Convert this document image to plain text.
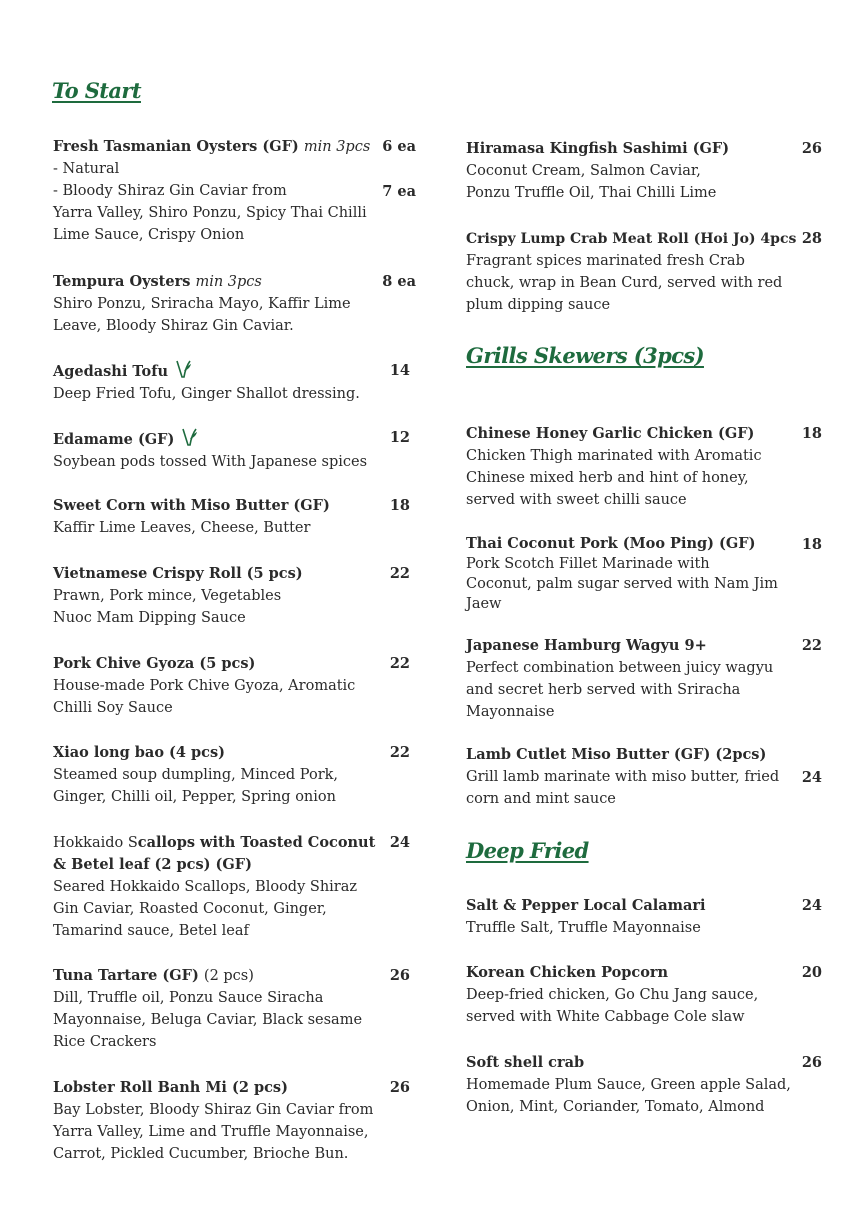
To Start
Grills Skewers (3pcs)
Deep Fried
Fresh Tasmanian Oysters (GF) min 3pcs
- Natural
- Bloody Shiraz Gin Caviar from
Yarra Valley, Shiro Ponzu, Spicy Thai Chilli
Lime Sauce, Crispy Onion
6 ea
7 ea
Tempura Oysters min 3pcs
Shiro Ponzu, Sriracha Mayo, Kaffir Lime
Leave, Bloody Shiraz Gin Caviar.
8 ea
Agedashi Tofu
Deep Fried Tofu, Ginger Shallot dressing.
14
Edamame (GF)
Soybean pods tossed With Japanese spices
12
Sweet Corn with Miso Butter (GF)
Kaffir Lime Leaves, Cheese, Butter
18
Vietnamese Crispy Roll (5 pcs)
Prawn, Pork mince, Vegetables
Nuoc Mam Dipping Sauce
22
Pork Chive Gyoza (5 pcs)
House-made Pork Chive Gyoza, Aromatic
Chilli Soy Sauce
22
Xiao long bao (4 pcs)
Steamed soup dumpling, Minced Pork,
Ginger, Chilli oil, Pepper, Spring onion
22
Hokkaido Scallops with Toasted Coconut
& Betel leaf (2 pcs) (GF)
Seared Hokkaido Scallops, Bloody Shiraz
Gin Caviar, Roasted Coconut, Ginger,
Tamarind sauce, Betel leaf
24
Tuna Tartare (GF) (2 pcs)
Dill, Truffle oil, Ponzu Sauce Siracha
Mayonnaise, Beluga Caviar, Black sesame
Rice Crackers
26
Lobster Roll Banh Mi (2 pcs)
Bay Lobster, Bloody Shiraz Gin Caviar from
Yarra Valley, Lime and Truffle Mayonnaise,
Carrot, Pickled Cucumber, Brioche Bun.
26
Hiramasa Kingfish Sashimi (GF)
Coconut Cream, Salmon Caviar,
Ponzu Truffle Oil, Thai Chilli Lime
26
Crispy Lump Crab Meat Roll (Hoi Jo) 4pcs
Fragrant spices marinated fresh Crab
chuck, wrap in Bean Curd, served with red
plum dipping sauce
28
Chinese Honey Garlic Chicken (GF)
Chicken Thigh marinated with Aromatic
Chinese mixed herb and hint of honey,
served with sweet chilli sauce
18
Thai Coconut Pork (Moo Ping) (GF)
Pork Scotch Fillet Marinade with
Coconut, palm sugar served with Nam Jim
Jaew
18
Japanese Hamburg Wagyu 9+
Perfect combination between juicy wagyu
and secret herb served with Sriracha
Mayonnaise
22
Lamb Cutlet Miso Butter (GF) (2pcs)
Grill lamb marinate with miso butter, fried
corn and mint sauce
24
Salt & Pepper Local Calamari
Truffle Salt, Truffle Mayonnaise
24
Korean Chicken Popcorn
Deep-fried chicken, Go Chu Jang sauce,
served with White Cabbage Cole slaw
20
Soft shell crab
Homemade Plum Sauce, Green apple Salad,
Onion, Mint, Coriander, Tomato, Almond
26
